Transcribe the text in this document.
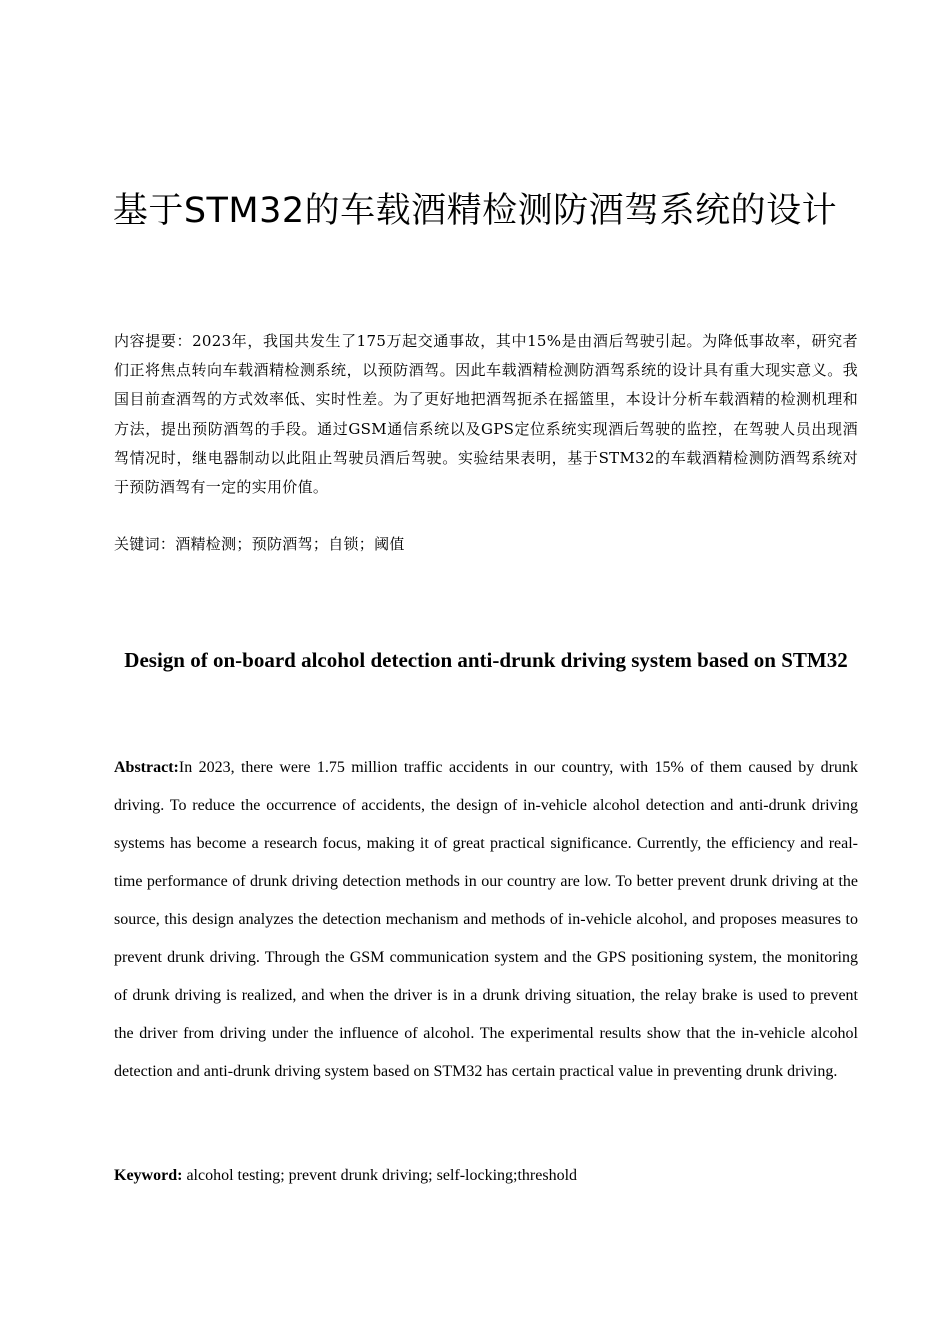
基于STM32的车载酒精检测防酒驾系统的设计

内容提要：2023年，我国共发生了175万起交通事故，其中15%是由酒后驾驶引起。为降低事故率，研究者们正将焦点转向车载酒精检测系统，以预防酒驾。因此车载酒精检测防酒驾系统的设计具有重大现实意义。我国目前查酒驾的方式效率低、实时性差。为了更好地把酒驾扼杀在摇篮里，本设计分析车载酒精的检测机理和方法，提出预防酒驾的手段。通过GSM通信系统以及GPS定位系统实现酒后驾驶的监控，在驾驶人员出现酒驾情况时，继电器制动以此阻止驾驶员酒后驾驶。实验结果表明，基于STM32的车载酒精检测防酒驾系统对于预防酒驾有一定的实用价值。

关键词：酒精检测；预防酒驾；自锁；阈值

Design of on-board alcohol detection anti-drunk driving system based on STM32

Abstract:In 2023, there were 1.75 million traffic accidents in our country, with 15% of them caused by drunk driving. To reduce the occurrence of accidents, the design of in-vehicle alcohol detection and anti-drunk driving systems has become a research focus, making it of great practical significance. Currently, the efficiency and real-time performance of drunk driving detection methods in our country are low. To better prevent drunk driving at the source, this design analyzes the detection mechanism and methods of in-vehicle alcohol, and proposes measures to prevent drunk driving. Through the GSM communication system and the GPS positioning system, the monitoring of drunk driving is realized, and when the driver is in a drunk driving situation, the relay brake is used to prevent the driver from driving under the influence of alcohol. The experimental results show that the in-vehicle alcohol detection and anti-drunk driving system based on STM32 has certain practical value in preventing drunk driving.

Keyword: alcohol testing; prevent drunk driving; self-locking;threshold
